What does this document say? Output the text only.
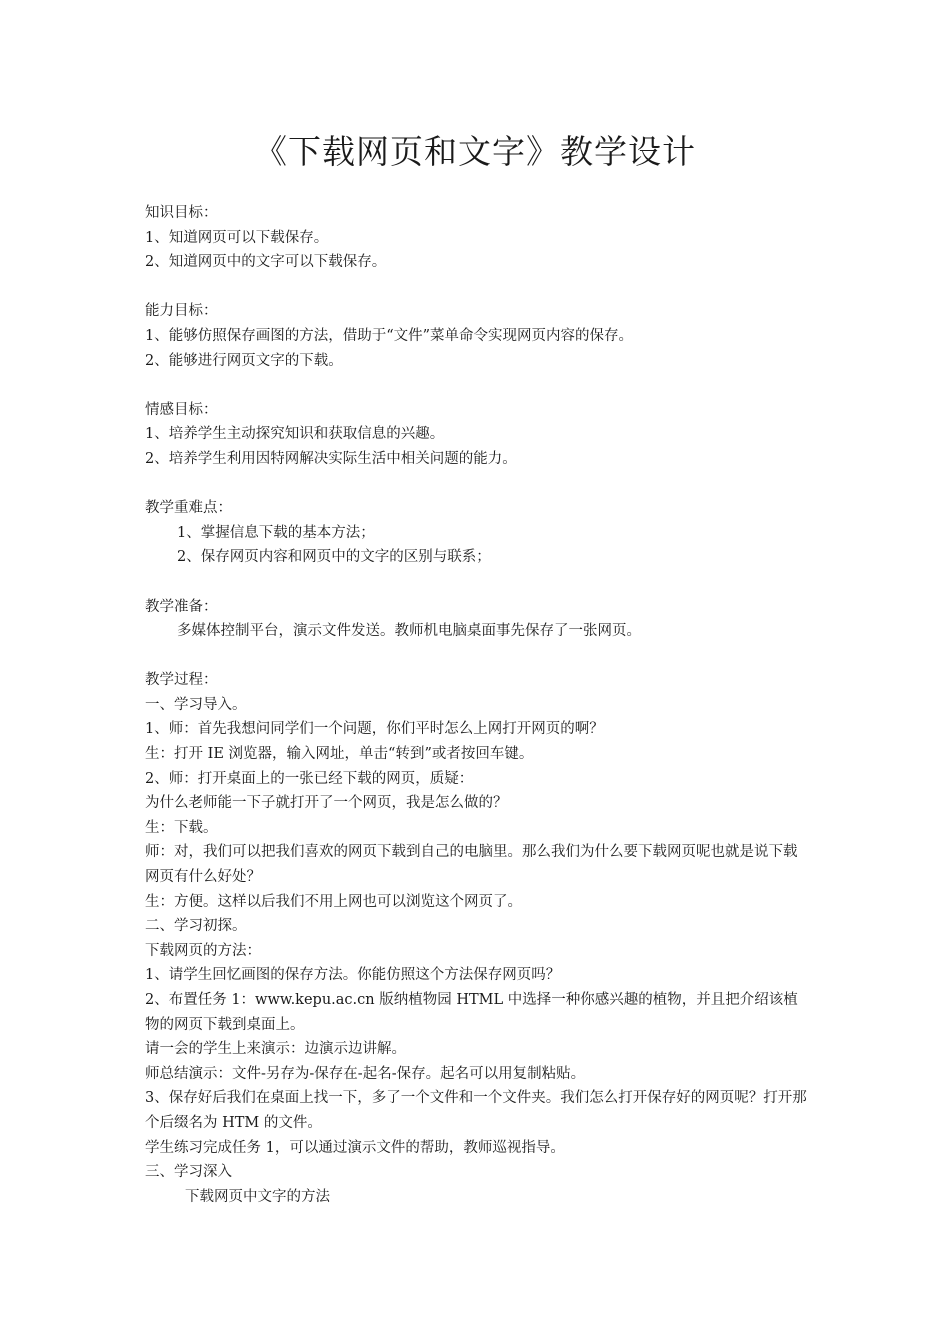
《下载网页和文字》教学设计
知识目标：
1、知道网页可以下载保存。
2、知道网页中的文字可以下载保存。
能力目标：
1、能够仿照保存画图的方法，借助于“文件”菜单命令实现网页内容的保存。
2、能够进行网页文字的下载。
情感目标：
1、培养学生主动探究知识和获取信息的兴趣。
2、培养学生利用因特网解决实际生活中相关问题的能力。
教学重难点：
1、掌握信息下载的基本方法；
2、保存网页内容和网页中的文字的区别与联系；
教学准备：
多媒体控制平台，演示文件发送。教师机电脑桌面事先保存了一张网页。
教学过程：
一、学习导入。
1、师：首先我想问同学们一个问题，你们平时怎么上网打开网页的啊？
生：打开 IE 浏览器，输入网址，单击“转到”或者按回车键。
2、师：打开桌面上的一张已经下载的网页，质疑：
为什么老师能一下子就打开了一个网页，我是怎么做的？
生：下载。
师：对，我们可以把我们喜欢的网页下载到自己的电脑里。那么我们为什么要下载网页呢也就是说下载网页有什么好处？
生：方便。这样以后我们不用上网也可以浏览这个网页了。
二、学习初探。
下载网页的方法：
1、请学生回忆画图的保存方法。你能仿照这个方法保存网页吗？
2、布置任务 1：www.kepu.ac.cn 版纳植物园 HTML 中选择一种你感兴趣的植物，并且把介绍该植物的网页下载到桌面上。
请一会的学生上来演示：边演示边讲解。
师总结演示：文件-另存为-保存在-起名-保存。起名可以用复制粘贴。
3、保存好后我们在桌面上找一下，多了一个文件和一个文件夹。我们怎么打开保存好的网页呢？打开那个后缀名为 HTM 的文件。
学生练习完成任务 1，可以通过演示文件的帮助，教师巡视指导。
三、学习深入
下载网页中文字的方法
